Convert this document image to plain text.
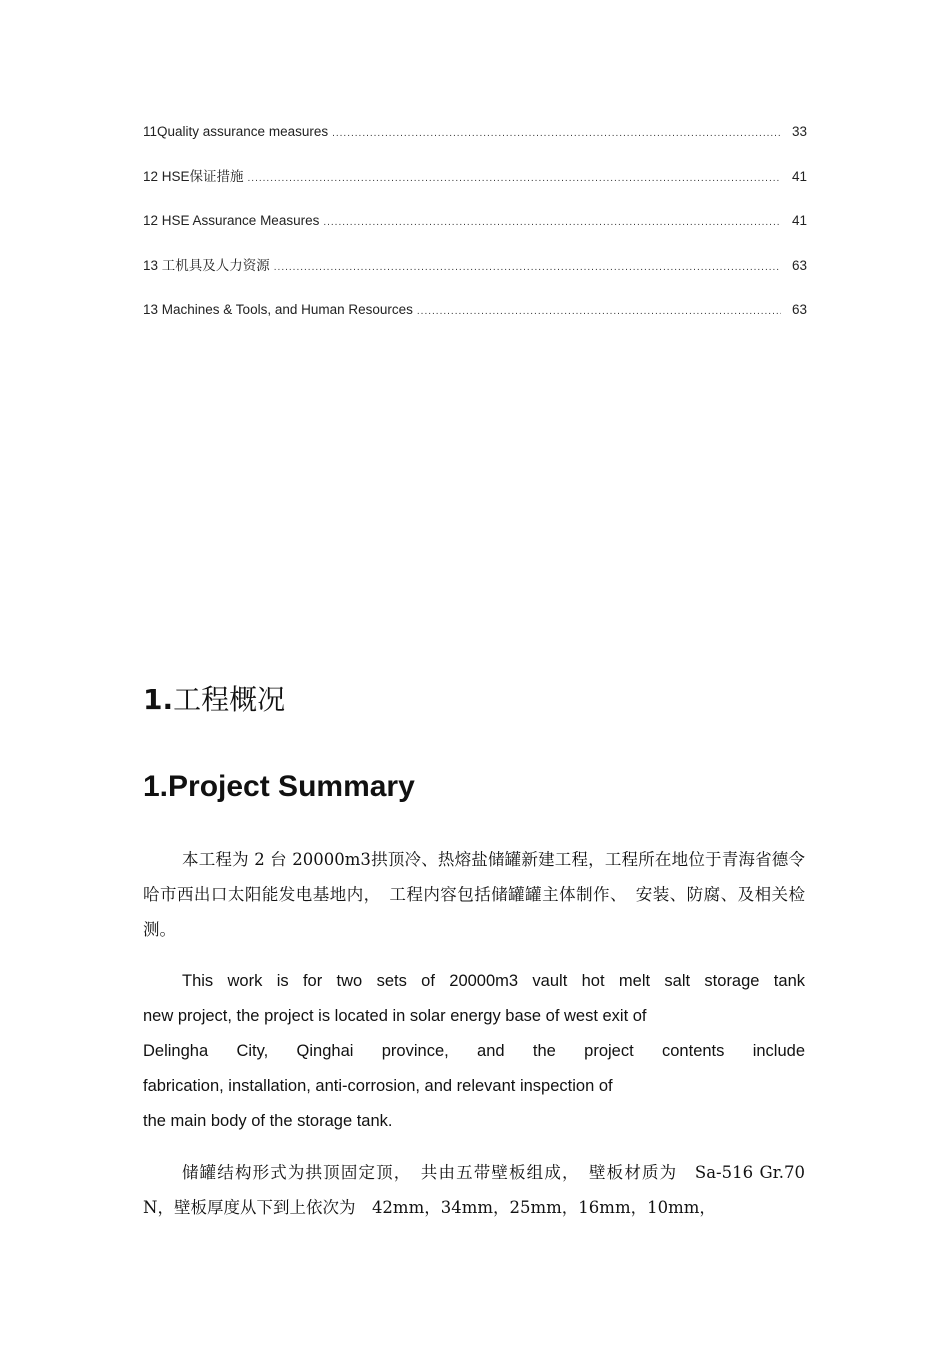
11Quality assurance measures .....	33
12 HSE保证措施 .....	41
12 HSE Assurance Measures .....	41
13 工机具及人力资源 .....	63
13 Machines & Tools, and Human Resources .....	63
1.工程概况
1.Project Summary

本工程为 2 台 20000m3拱顶冷、热熔盐储罐新建工程，工程所在地位于青海省德令哈市西出口太阳能发电基地内，　工程内容包括储罐罐主体制作、　安装、防腐、及相关检测。

This work is for two sets of 20000m3 vault hot melt salt storage tank
new project, the project is located in solar energy base of west exit of
Delingha City, Qinghai province, and the project contents include
fabrication, installation, anti-corrosion, and relevant inspection of
the main body of the storage tank.
储罐结构形式为拱顶固定顶，　共由五带壁板组成，　壁板材质为　Sa-516 Gr.70
N，壁板厚度从下到上依次为　42mm，34mm，25mm，16mm，10mm，
